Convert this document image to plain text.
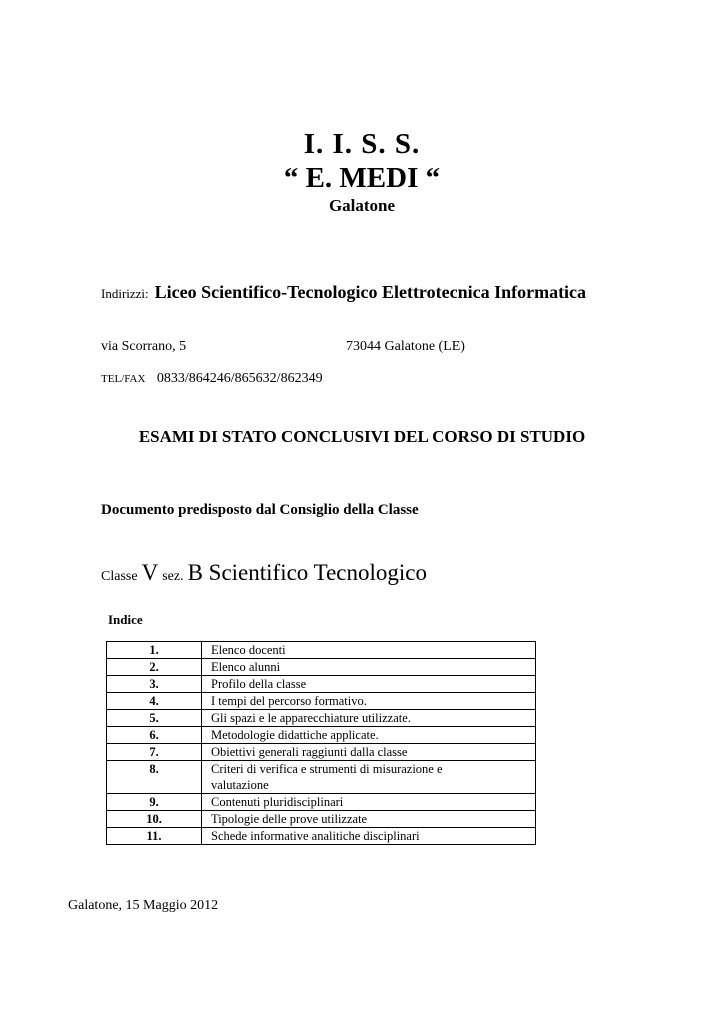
I. I. S. S.
“ E. MEDI “
Galatone
Indirizzi: Liceo Scientifico-Tecnologico Elettrotecnica Informatica
via Scorrano, 5	73044 Galatone (LE)
TEL/FAX 0833/864246/865632/862349
ESAMI DI STATO CONCLUSIVI DEL CORSO DI STUDIO
Documento predisposto dal Consiglio della Classe
Classe V sez. B Scientifico Tecnologico
Indice
1.	Elenco docenti
2.	Elenco alunni
3.	Profilo della classe
4.	I tempi del percorso formativo.
5.	Gli spazi e le apparecchiature utilizzate.
6.	Metodologie didattiche applicate.
7.	Obiettivi generali raggiunti dalla classe
8.	Criteri di verifica e strumenti di misurazione e valutazione

9.	Contenuti pluridisciplinari
10.	Tipologie delle prove utilizzate
11.	Schede informative analitiche disciplinari
Galatone, 15 Maggio 2012
